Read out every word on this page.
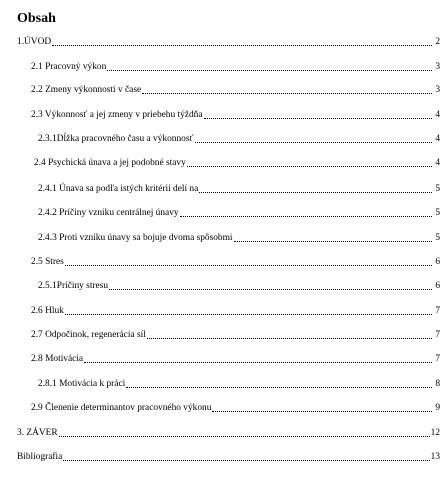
Obsah
1.ÚVOD	2
2.1 Pracovný výkon	3
2.2 Zmeny výkonnosti v čase	3
2.3 Výkonnosť a jej zmeny v priebehu týždňa	4
2.3.1Dĺžka pracovného času a výkonnosť	4
2.4 Psychická únava a jej podobné stavy	4
2.4.1 Únava sa podľa istých kritérií delí na	5
2.4.2 Príčiny vzniku centrálnej únavy	5
2.4.3 Proti vzniku únavy sa bojuje dvoma spôsobmi	5
2.5 Stres	6
2.5.1Príčiny stresu	6
2.6 Hluk	7
2.7 Odpočinok, regenerácia síl	7
2.8 Motivácia	7
2.8.1 Motivácia k práci	8
2.9 Členenie determinantov pracovného výkonu	9
3. ZÁVER	12
Bibliografia	13
